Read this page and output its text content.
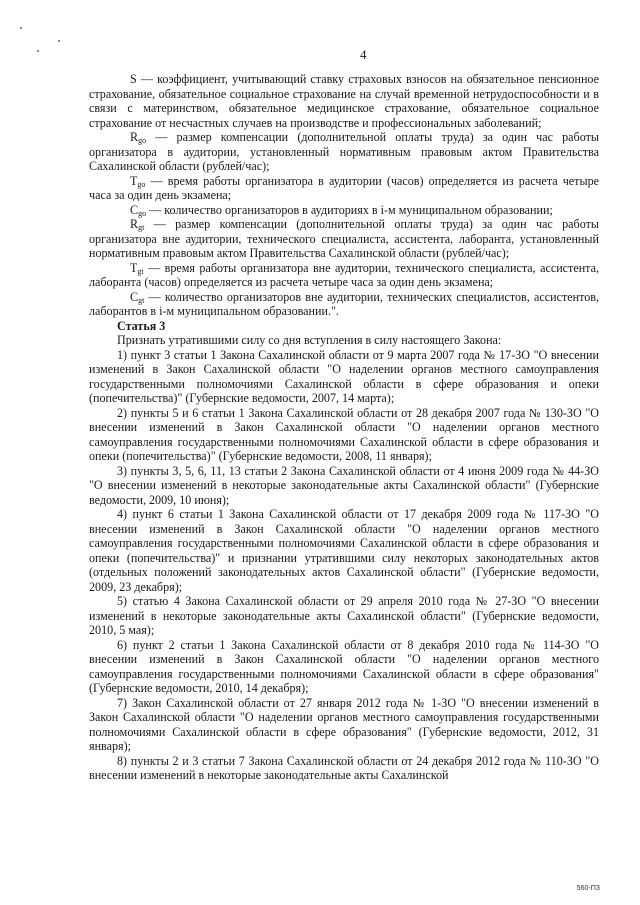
4

S — коэффициент, учитывающий ставку страховых взносов на обязательное пенсионное страхование, обязательное социальное страхование на случай временной нетрудоспособности и в связи с материнством, обязательное медицинское страхование, обязательное социальное страхование от несчастных случаев на производстве и профессиональных заболеваний;

$R_{go}$ — размер компенсации (дополнительной оплаты труда) за один час работы организатора в аудитории, установленный нормативным правовым актом Правительства Сахалинской области (рублей/час);

$T_{go}$ — время работы организатора в аудитории (часов) определяется из расчета четыре часа за один день экзамена;

$C_{go}$ — количество организаторов в аудиториях в i-м муниципальном образовании;

$R_{gt}$ — размер компенсации (дополнительной оплаты труда) за один час работы организатора вне аудитории, технического специалиста, ассистента, лаборанта, установленный нормативным правовым актом Правительства Сахалинской области (рублей/час);

$T_{gt}$ — время работы организатора вне аудитории, технического специалиста, ассистента, лаборанта (часов) определяется из расчета четыре часа за один день экзамена;

$C_{gt}$ — количество организаторов вне аудитории, технических специалистов, ассистентов, лаборантов в i-м муниципальном образовании.".

Статья 3

Признать утратившими силу со дня вступления в силу настоящего Закона:

1) пункт 3 статьи 1 Закона Сахалинской области от 9 марта 2007 года № 17-ЗО "О внесении изменений в Закон Сахалинской области "О наделении органов местного самоуправления государственными полномочиями Сахалинской области в сфере образования и опеки (попечительства)" (Губернские ведомости, 2007, 14 марта);

2) пункты 5 и 6 статьи 1 Закона Сахалинской области от 28 декабря 2007 года № 130-ЗО "О внесении изменений в Закон Сахалинской области "О наделении органов местного самоуправления государственными полномочиями Сахалинской области в сфере образования и опеки (попечительства)" (Губернские ведомости, 2008, 11 января);

3) пункты 3, 5, 6, 11, 13 статьи 2 Закона Сахалинской области от 4 июня 2009 года № 44-ЗО "О внесении изменений в некоторые законодательные акты Сахалинской области" (Губернские ведомости, 2009, 10 июня);

4) пункт 6 статьи 1 Закона Сахалинской области от 17 декабря 2009 года № 117-ЗО "О внесении изменений в Закон Сахалинской области "О наделении органов местного самоуправления государственными полномочиями Сахалинской области в сфере образования и опеки (попечительства)" и признании утратившими силу некоторых законодательных актов (отдельных положений законодательных актов Сахалинской области" (Губернские ведомости, 2009, 23 декабря);

5) статью 4 Закона Сахалинской области от 29 апреля 2010 года № 27-ЗО "О внесении изменений в некоторые законодательные акты Сахалинской области" (Губернские ведомости, 2010, 5 мая);

6) пункт 2 статьи 1 Закона Сахалинской области от 8 декабря 2010 года № 114-ЗО "О внесении изменений в Закон Сахалинской области "О наделении органов местного самоуправления государственными полномочиями Сахалинской области в сфере образования" (Губернские ведомости, 2010, 14 декабря);

7) Закон Сахалинской области от 27 января 2012 года № 1-ЗО "О внесении изменений в Закон Сахалинской области "О наделении органов местного самоуправления государственными полномочиями Сахалинской области в сфере образования" (Губернские ведомости, 2012, 31 января);

8) пункты 2 и 3 статьи 7 Закона Сахалинской области от 24 декабря 2012 года № 110-ЗО "О внесении изменений в некоторые законодательные акты Сахалинской

560-ПЗ
